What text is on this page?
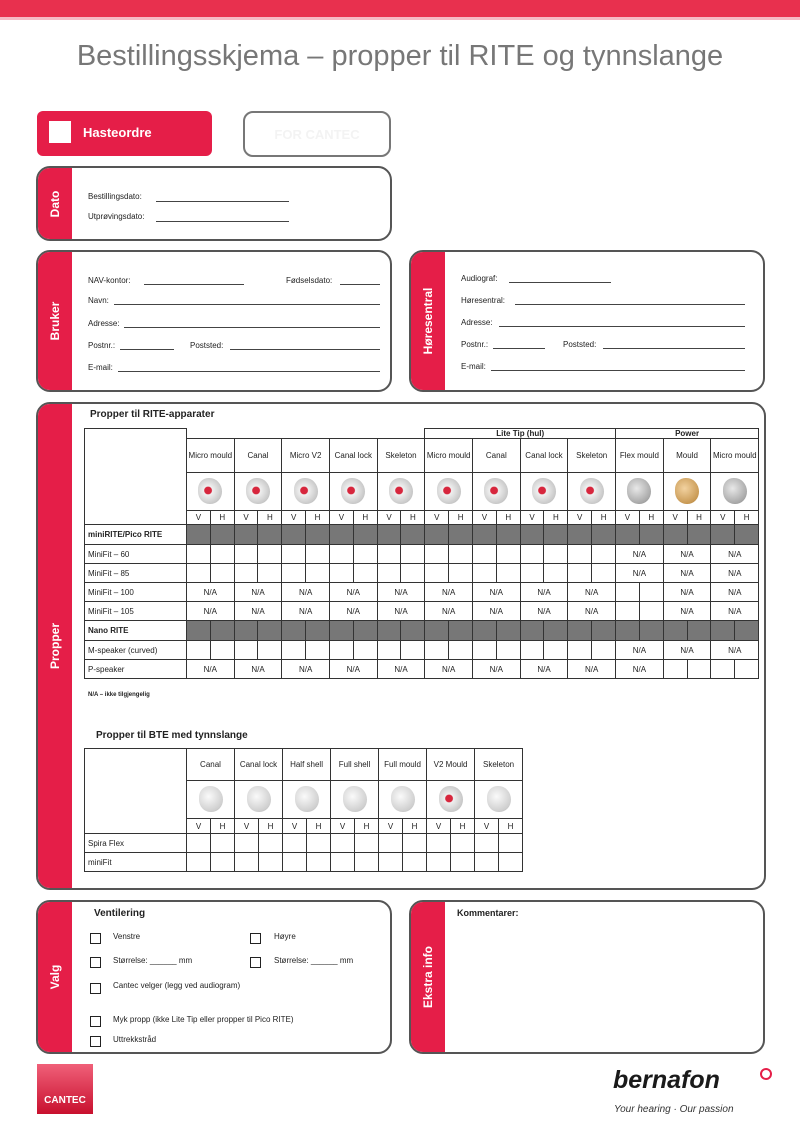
Bestillingsskjema – propper til RITE og tynnslange
Hasteordre	FOR CANTEC
Dato	Bestillingsdato:
Utprøvingsdato:
Bruker
NAV-kontor:	Fødselsdato:
Navn:
Adresse:
Postnr.:	Poststed:
E-mail:
Høresentral
Audiograf:
Høresentral:
Adresse:
Postnr.:	Poststed:
E-mail:
Propper
Propper til RITE-apparater
											Lite Tip (hul)								Power					
	Micro mould		Canal		Micro V2		Canal lock		Skeleton		Micro mould		Canal		Canal lock		Skeleton		Flex mould		Mould		Micro mould	

	V	H	V	H	V	H	V	H	V	H	V	H	V	H	V	H	V	H	V	H	V	H	V	H
miniRITE/Pico RITE																								
MiniFit – 60																			N/A		N/A		N/A	
MiniFit – 85																			N/A		N/A		N/A	
MiniFit – 100	N/A		N/A		N/A		N/A		N/A		N/A		N/A		N/A		N/A				N/A		N/A	
MiniFit – 105	N/A		N/A		N/A		N/A		N/A		N/A		N/A		N/A		N/A				N/A		N/A	
Nano RITE																								
M-speaker (curved)																			N/A		N/A		N/A	
P-speaker	N/A		N/A		N/A		N/A		N/A		N/A		N/A		N/A		N/A		N/A					
N/A – ikke tilgjengelig
Propper til BTE med tynnslange
	Canal		Canal lock		Half shell		Full shell		Full mould		V2 Mould		Skeleton	

	V	H	V	H	V	H	V	H	V	H	V	H	V	H
Spira Flex														
miniFit														
Valg
Ventilering
Venstre	Høyre
Størrelse: ______ mm	Størrelse: ______ mm
Cantec velger (legg ved audiogram)
Myk propp (ikke Lite Tip eller propper til Pico RITE)
Uttrekkstråd
Ekstra info
Kommentarer:
CANTEC
bernafon
Your hearing · Our passion
